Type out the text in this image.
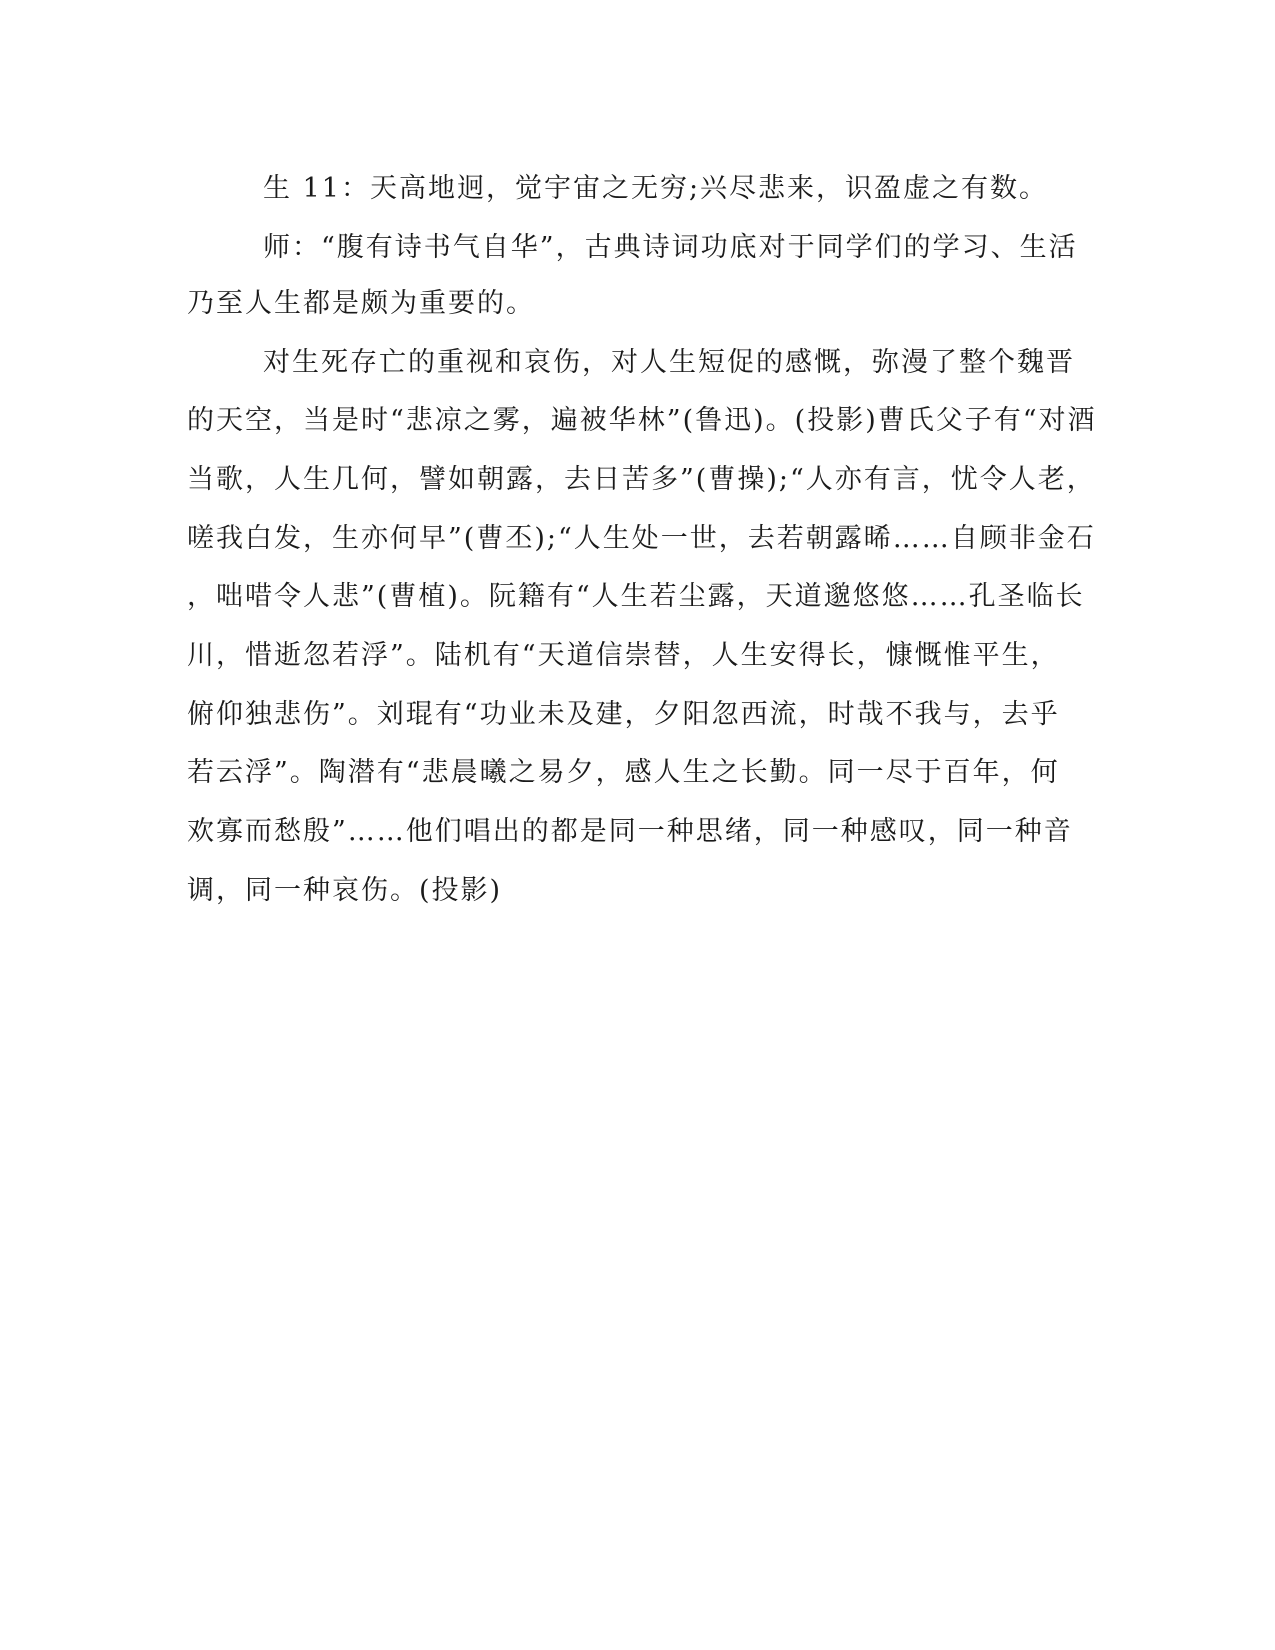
生 11：天高地迥，觉宇宙之无穷;兴尽悲来，识盈虚之有数。
师：“腹有诗书气自华”，古典诗词功底对于同学们的学习、生活
乃至人生都是颇为重要的。
对生死存亡的重视和哀伤，对人生短促的感慨，弥漫了整个魏晋
的天空，当是时“悲凉之雾，遍被华林”(鲁迅)。(投影)曹氏父子有“对酒
当歌，人生几何，譬如朝露，去日苦多”(曹操);“人亦有言，忧令人老，
嗟我白发，生亦何早”(曹丕);“人生处一世，去若朝露晞……自顾非金石
，咄唶令人悲”(曹植)。阮籍有“人生若尘露，天道邈悠悠……孔圣临长
川，惜逝忽若浮”。陆机有“天道信崇替，人生安得长，慷慨惟平生，
俯仰独悲伤”。刘琨有“功业未及建，夕阳忽西流，时哉不我与，去乎
若云浮”。陶潜有“悲晨曦之易夕，感人生之长勤。同一尽于百年，何
欢寡而愁殷”……他们唱出的都是同一种思绪，同一种感叹，同一种音
调，同一种哀伤。(投影)
